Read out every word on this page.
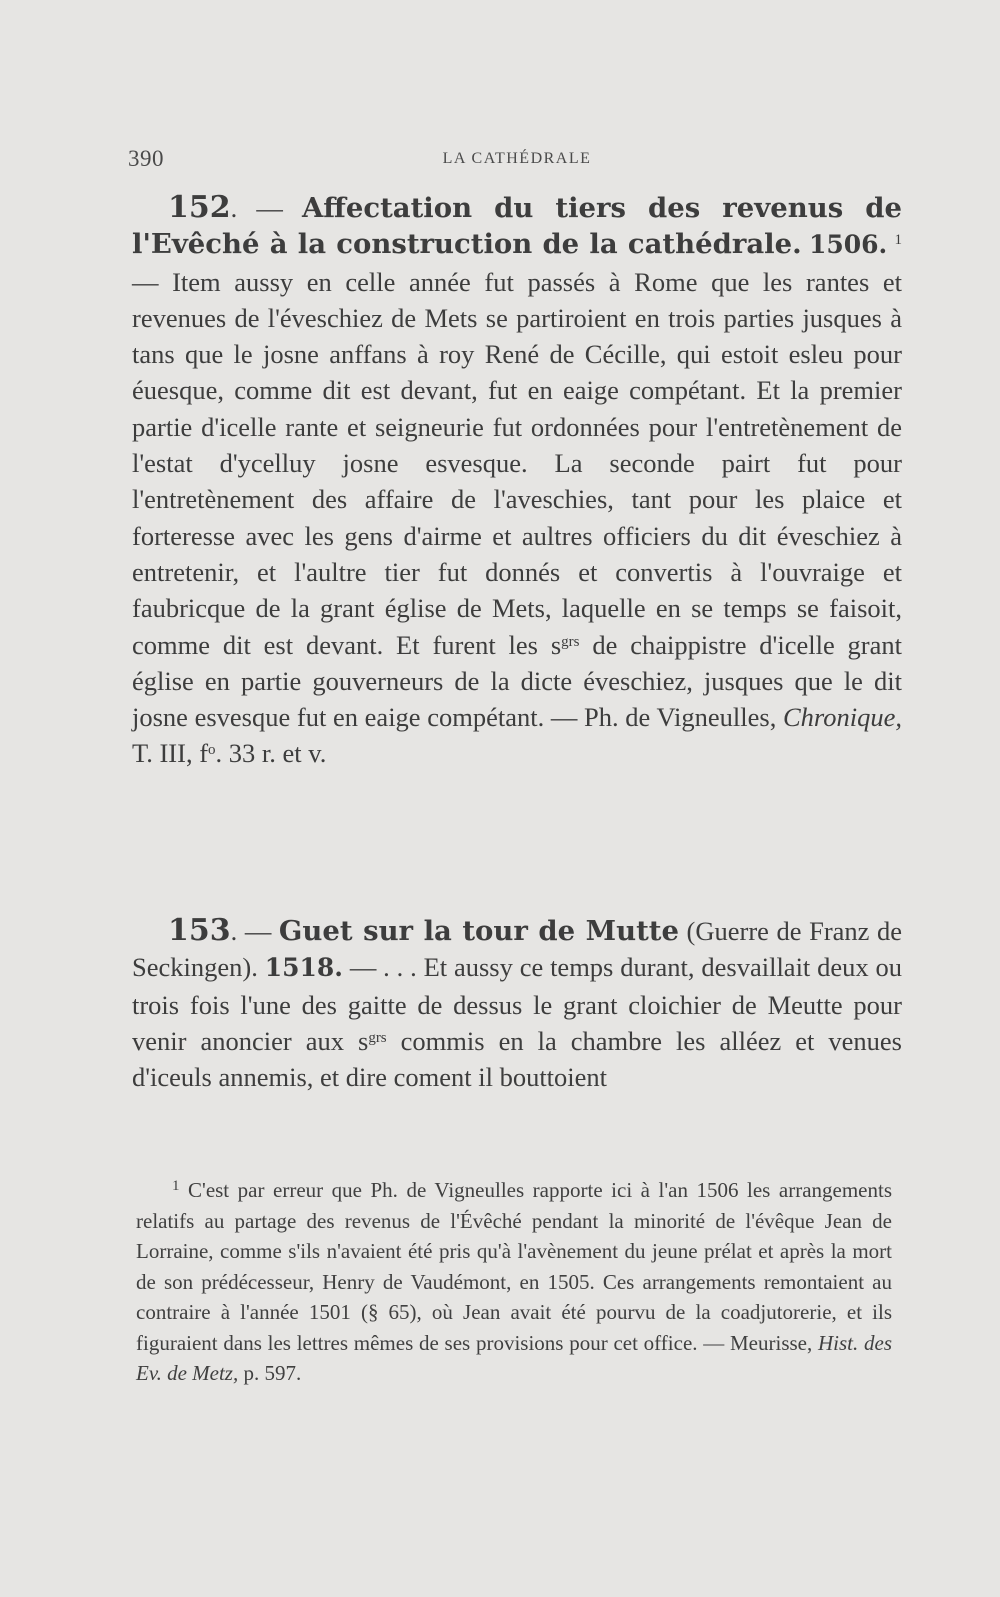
390	LA CATHÉDRALE
152. — Affectation du tiers des revenus de l'Evêché à la construction de la cathédrale. 1506. $^1$ — Item aussy en celle année fut passés à Rome que les rantes et revenues de l'éveschiez de Mets se partiroient en trois parties jusques à tans que le josne anffans à roy René de Cécille, qui estoit esleu pour éuesque, comme dit est devant, fut en eaige compétant. Et la premier partie d'icelle rante et seigneurie fut ordonnées pour l'entretènement de l'estat d'ycelluy josne esvesque. La seconde pairt fut pour l'entretènement des affaire de l'aveschies, tant pour les plaice et forteresse avec les gens d'airme et aultres officiers du dit éveschiez à entretenir, et l'aultre tier fut donnés et convertis à l'ouvraige et faubricque de la grant église de Mets, laquelle en se temps se faisoit, comme dit est devant. Et furent les $s^{grs}$ de chaippistre d'icelle grant église en partie gouverneurs de la dicte éveschiez, jusques que le dit josne esvesque fut en eaige compétant. — Ph. de Vigneulles, Chronique, T. III, $f^o$. 33 r. et v.
153. — Guet sur la tour de Mutte (Guerre de Franz de Seckingen). 1518. — . . . Et aussy ce temps durant, desvaillait deux ou trois fois l'une des gaitte de dessus le grant cloichier de Meutte pour venir anoncier aux $s^{grs}$ commis en la chambre les alléez et venues d'iceuls annemis, et dire coment il bouttoient
$^1$ C'est par erreur que Ph. de Vigneulles rapporte ici à l'an 1506 les arrangements relatifs au partage des revenus de l'Évêché pendant la minorité de l'évêque Jean de Lorraine, comme s'ils n'avaient été pris qu'à l'avènement du jeune prélat et après la mort de son prédécesseur, Henry de Vaudémont, en 1505. Ces arrangements remontaient au contraire à l'année 1501 (§ 65), où Jean avait été pourvu de la coadjutorerie, et ils figuraient dans les lettres mêmes de ses provisions pour cet office. — Meurisse, Hist. des Ev. de Metz, p. 597.
